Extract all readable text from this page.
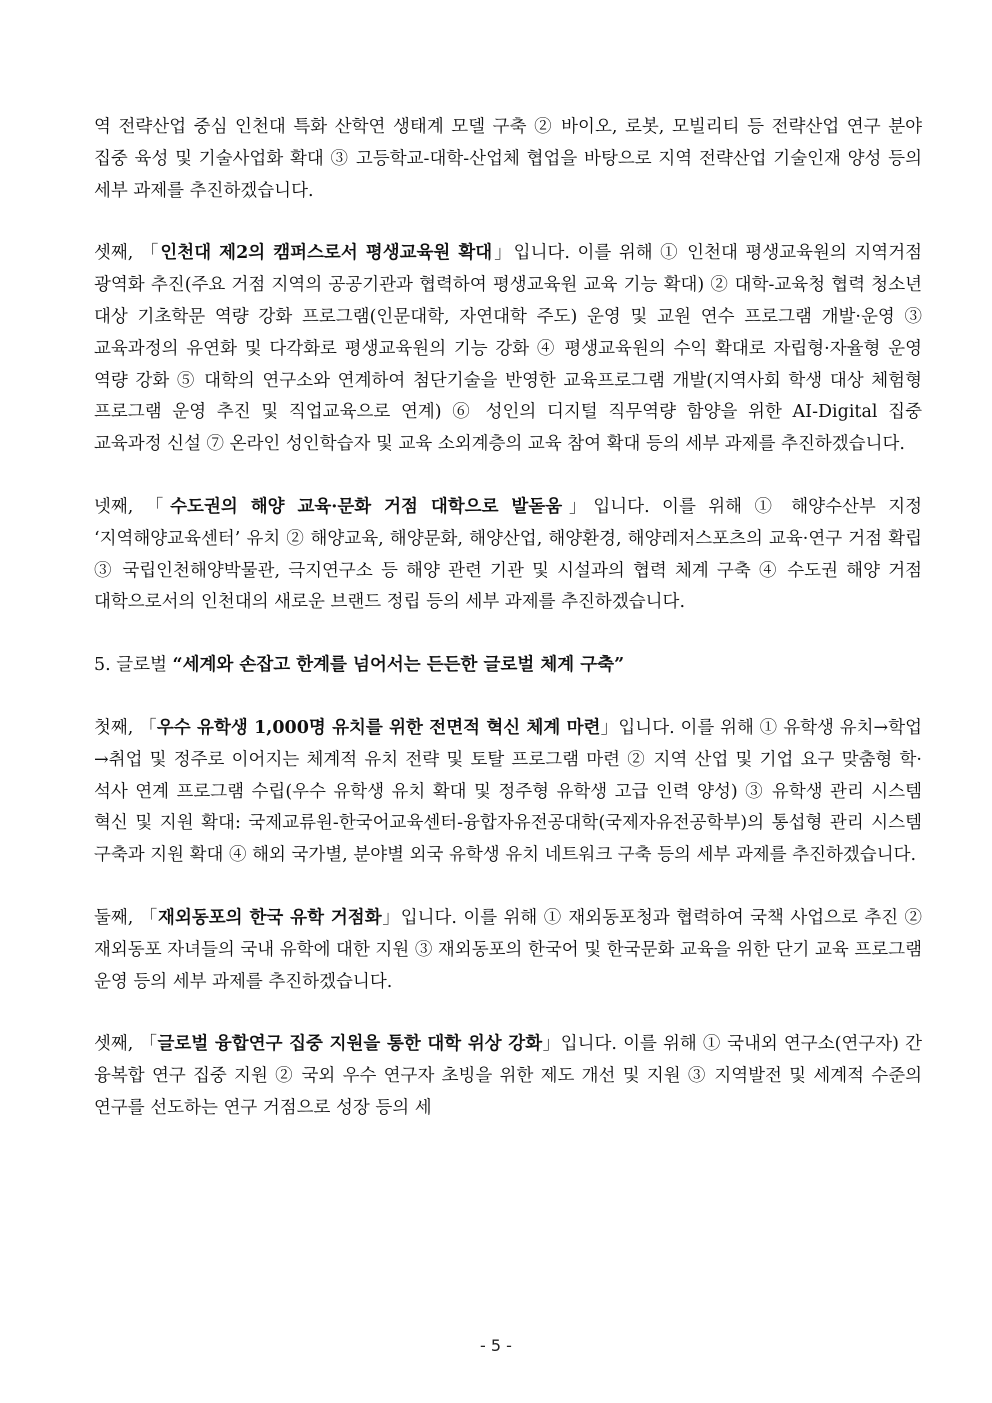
역 전략산업 중심 인천대 특화 산학연 생태계 모델 구축 ② 바이오, 로봇, 모빌리티 등 전략산업 연구 분야 집중 육성 및 기술사업화 확대 ③ 고등학교-대학-산업체 협업을 바탕으로 지역 전략산업 기술인재 양성 등의 세부 과제를 추진하겠습니다.

셋째, 「인천대 제2의 캠퍼스로서 평생교육원 확대」입니다. 이를 위해 ① 인천대 평생교육원의 지역거점 광역화 추진(주요 거점 지역의 공공기관과 협력하여 평생교육원 교육 기능 확대) ② 대학-교육청 협력 청소년 대상 기초학문 역량 강화 프로그램(인문대학, 자연대학 주도) 운영 및 교원 연수 프로그램 개발·운영 ③ 교육과정의 유연화 및 다각화로 평생교육원의 기능 강화 ④ 평생교육원의 수익 확대로 자립형·자율형 운영 역량 강화 ⑤ 대학의 연구소와 연계하여 첨단기술을 반영한 교육프로그램 개발(지역사회 학생 대상 체험형 프로그램 운영 추진 및 직업교육으로 연계) ⑥ 성인의 디지털 직무역량 함양을 위한 AI-Digital 집중 교육과정 신설 ⑦ 온라인 성인학습자 및 교육 소외계층의 교육 참여 확대 등의 세부 과제를 추진하겠습니다.

넷째, 「수도권의 해양 교육·문화 거점 대학으로 발돋움」입니다. 이를 위해 ① 해양수산부 지정 ‘지역해양교육센터’ 유치 ② 해양교육, 해양문화, 해양산업, 해양환경, 해양레저스포츠의 교육·연구 거점 확립 ③ 국립인천해양박물관, 극지연구소 등 해양 관련 기관 및 시설과의 협력 체계 구축 ④ 수도권 해양 거점 대학으로서의 인천대의 새로운 브랜드 정립 등의 세부 과제를 추진하겠습니다.

5. 글로벌 “세계와 손잡고 한계를 넘어서는 든든한 글로벌 체계 구축”

첫째, 「우수 유학생 1,000명 유치를 위한 전면적 혁신 체계 마련」입니다. 이를 위해 ① 유학생 유치→학업→취업 및 정주로 이어지는 체계적 유치 전략 및 토탈 프로그램 마련 ② 지역 산업 및 기업 요구 맞춤형 학·석사 연계 프로그램 수립(우수 유학생 유치 확대 및 정주형 유학생 고급 인력 양성) ③ 유학생 관리 시스템 혁신 및 지원 확대: 국제교류원-한국어교육센터-융합자유전공대학(국제자유전공학부)의 통섭형 관리 시스템 구축과 지원 확대 ④ 해외 국가별, 분야별 외국 유학생 유치 네트워크 구축 등의 세부 과제를 추진하겠습니다.

둘째, 「재외동포의 한국 유학 거점화」입니다. 이를 위해 ① 재외동포청과 협력하여 국책 사업으로 추진 ② 재외동포 자녀들의 국내 유학에 대한 지원 ③ 재외동포의 한국어 및 한국문화 교육을 위한 단기 교육 프로그램 운영 등의 세부 과제를 추진하겠습니다.

셋째, 「글로벌 융합연구 집중 지원을 통한 대학 위상 강화」입니다. 이를 위해 ① 국내외 연구소(연구자) 간 융복합 연구 집중 지원 ② 국외 우수 연구자 초빙을 위한 제도 개선 및 지원 ③ 지역발전 및 세계적 수준의 연구를 선도하는 연구 거점으로 성장 등의 세

- 5 -
